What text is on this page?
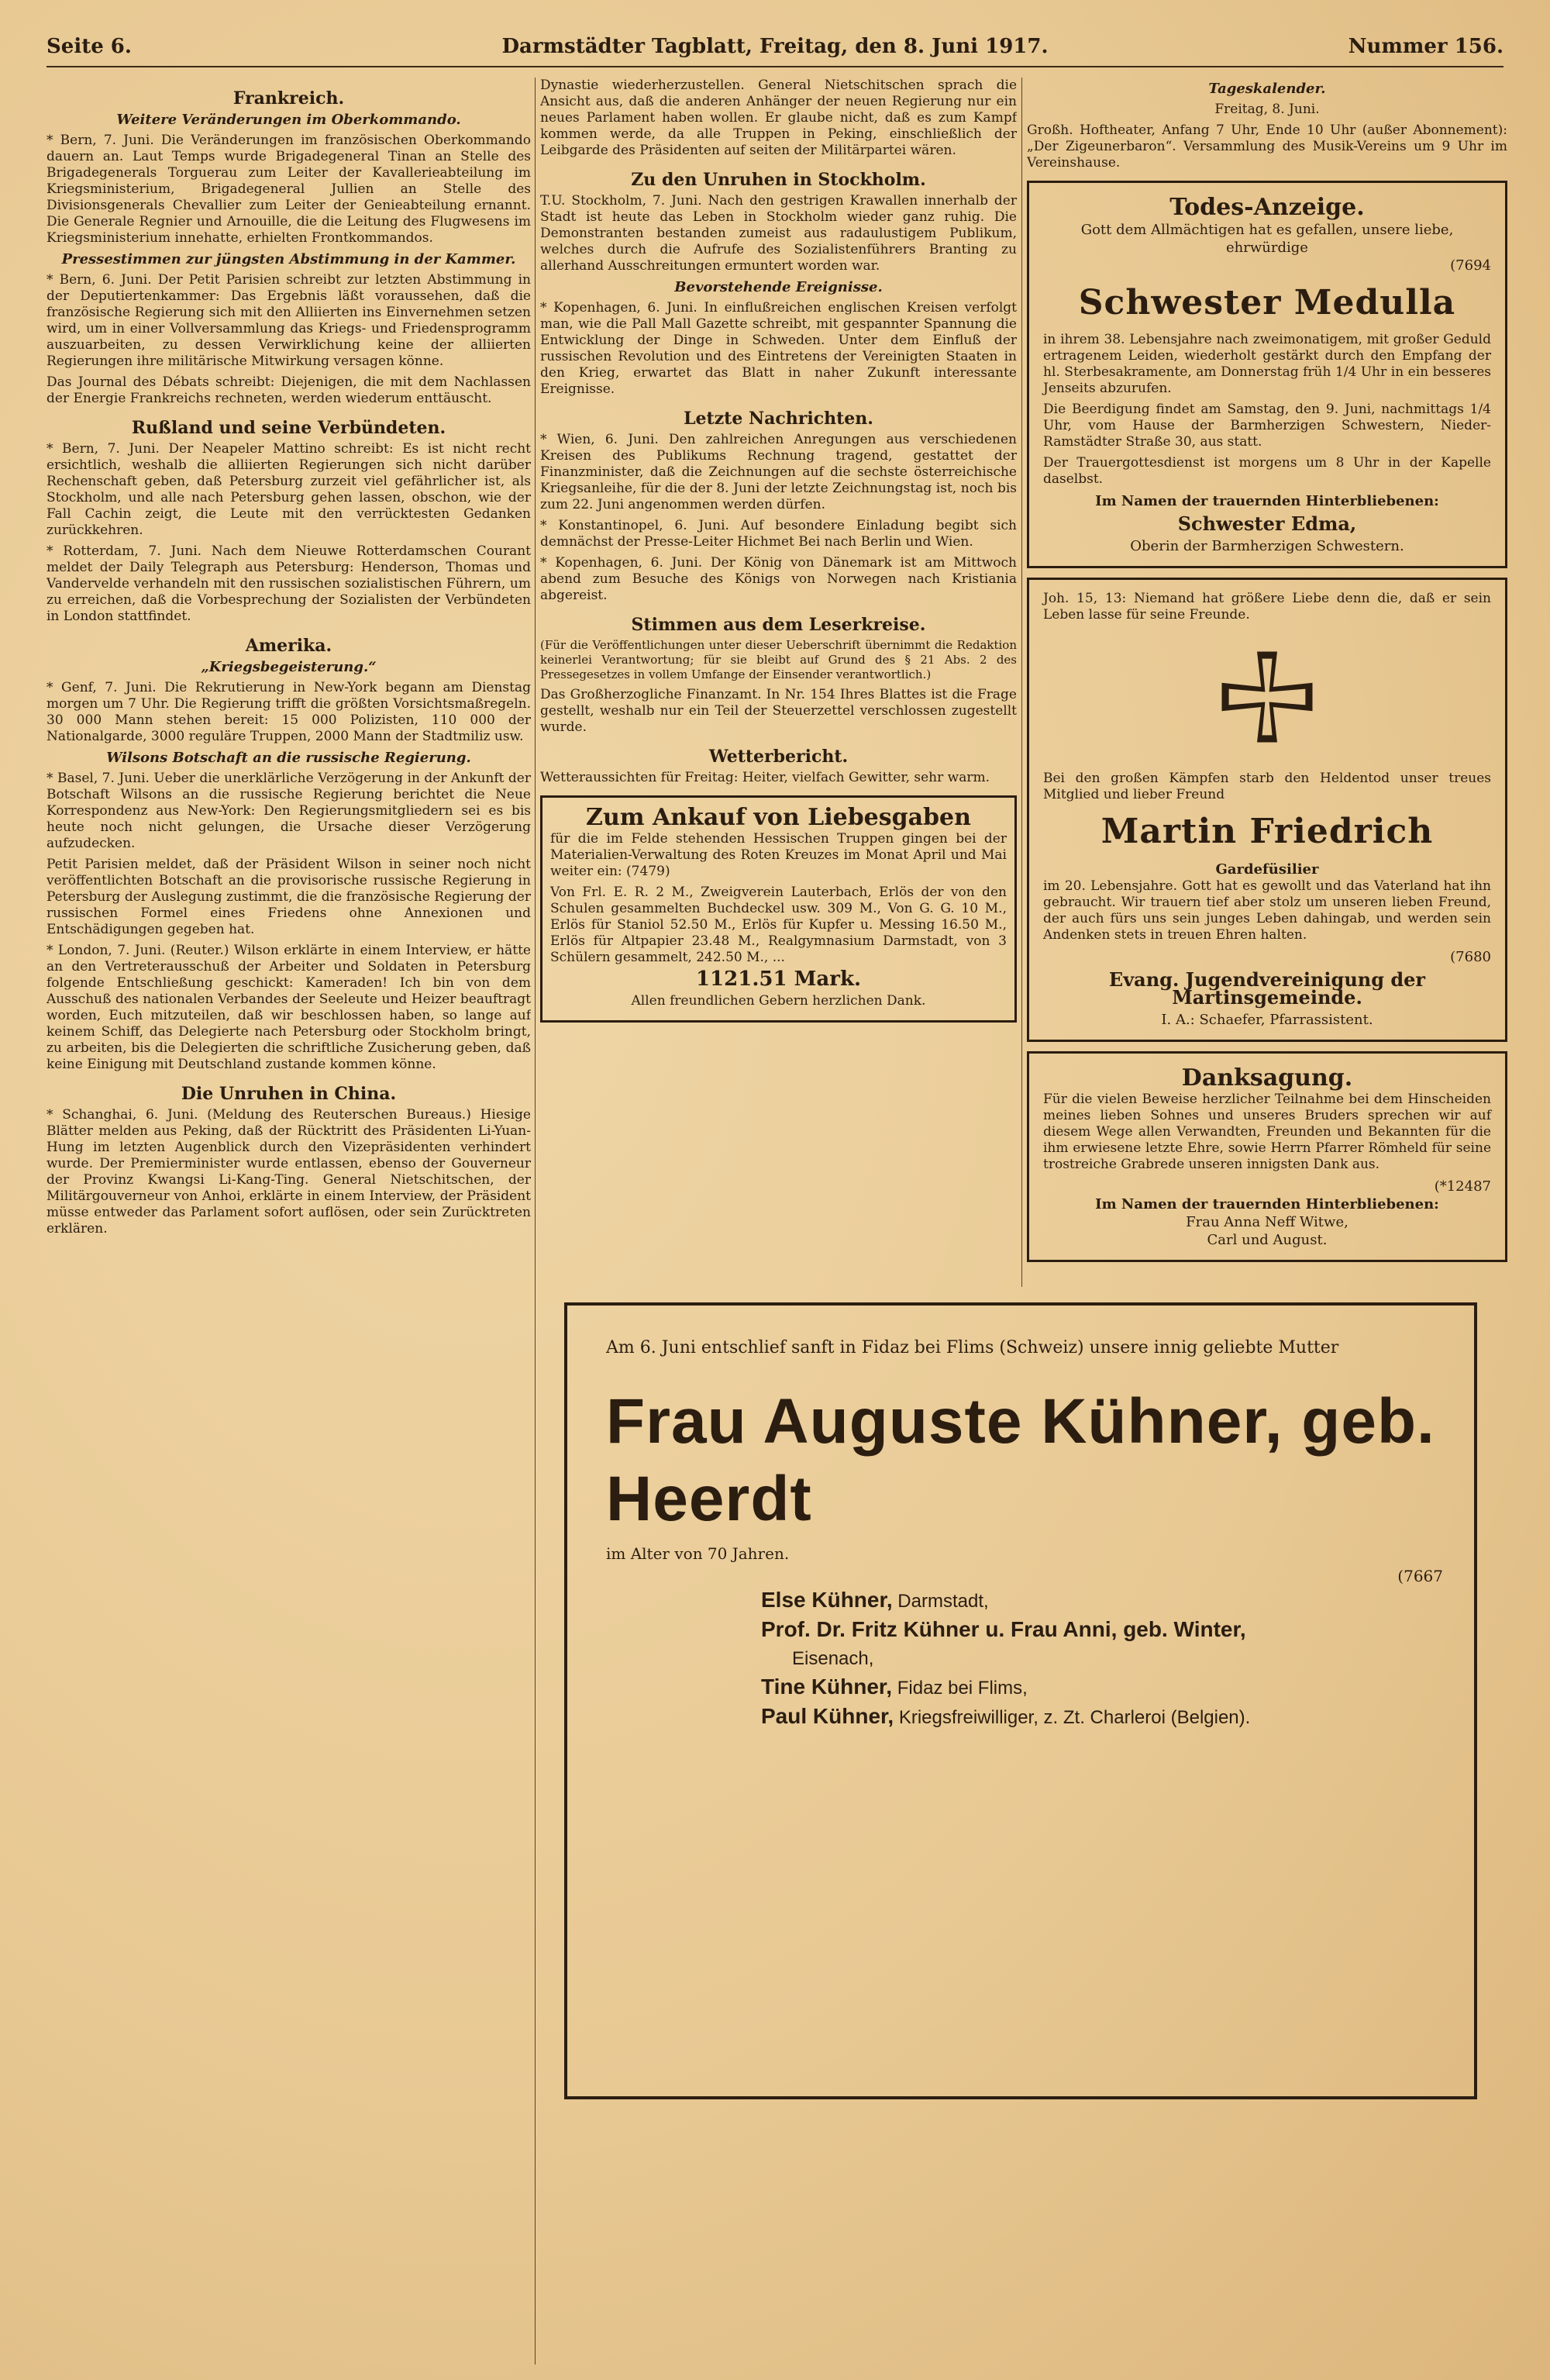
Seite 6.	Darmstädter Tagblatt, Freitag, den 8. Juni 1917.	Nummer 156.
Frankreich.
Weitere Veränderungen im Oberkommando.

* Bern, 7. Juni. Die Veränderungen im französischen Oberkommando dauern an. Laut Temps wurde Brigadegeneral Tinan an Stelle des Brigadegenerals Torguerau zum Leiter der Kavallerieabteilung im Kriegsministerium, Brigadegeneral Jullien an Stelle des Divisionsgenerals Chevallier zum Leiter der Genieabteilung ernannt. Die Generale Regnier und Arnouille, die die Leitung des Flugwesens im Kriegsministerium innehatte, erhielten Frontkommandos.

Pressestimmen zur jüngsten Abstimmung in der Kammer.

* Bern, 6. Juni. Der Petit Parisien schreibt zur letzten Abstimmung in der Deputiertenkammer: Das Ergebnis läßt voraussehen, daß die französische Regierung sich mit den Alliierten ins Einvernehmen setzen wird, um in einer Vollversammlung das Kriegs- und Friedensprogramm auszuarbeiten, zu dessen Verwirklichung keine der alliierten Regierungen ihre militärische Mitwirkung versagen könne.

Das Journal des Débats schreibt: Diejenigen, die mit dem Nachlassen der Energie Frankreichs rechneten, werden wiederum enttäuscht.

Rußland und seine Verbündeten.

* Bern, 7. Juni. Der Neapeler Mattino schreibt: Es ist nicht recht ersichtlich, weshalb die alliierten Regierungen sich nicht darüber Rechenschaft geben, daß Petersburg zurzeit viel gefährlicher ist, als Stockholm, und alle nach Petersburg gehen lassen, obschon, wie der Fall Cachin zeigt, die Leute mit den verrücktesten Gedanken zurückkehren.

* Rotterdam, 7. Juni. Nach dem Nieuwe Rotterdamschen Courant meldet der Daily Telegraph aus Petersburg: Henderson, Thomas und Vandervelde verhandeln mit den russischen sozialistischen Führern, um zu erreichen, daß die Vorbesprechung der Sozialisten der Verbündeten in London stattfindet.

Amerika.
„Kriegsbegeisterung.“

* Genf, 7. Juni. Die Rekrutierung in New-York begann am Dienstag morgen um 7 Uhr. Die Regierung trifft die größten Vorsichtsmaßregeln. 30 000 Mann stehen bereit: 15 000 Polizisten, 110 000 der Nationalgarde, 3000 reguläre Truppen, 2000 Mann der Stadtmiliz usw.

Wilsons Botschaft an die russische Regierung.

* Basel, 7. Juni. Ueber die unerklärliche Verzögerung in der Ankunft der Botschaft Wilsons an die russische Regierung berichtet die Neue Korrespondenz aus New-York: Den Regierungsmitgliedern sei es bis heute noch nicht gelungen, die Ursache dieser Verzögerung aufzudecken.

Petit Parisien meldet, daß der Präsident Wilson in seiner noch nicht veröffentlichten Botschaft an die provisorische russische Regierung in Petersburg der Auslegung zustimmt, die die französische Regierung der russischen Formel eines Friedens ohne Annexionen und Entschädigungen gegeben hat.

* London, 7. Juni. (Reuter.) Wilson erklärte in einem Interview, er hätte an den Vertreterausschuß der Arbeiter und Soldaten in Petersburg folgende Entschließung geschickt: Kameraden! Ich bin von dem Ausschuß des nationalen Verbandes der Seeleute und Heizer beauftragt worden, Euch mitzuteilen, daß wir beschlossen haben, so lange auf keinem Schiff, das Delegierte nach Petersburg oder Stockholm bringt, zu arbeiten, bis die Delegierten die schriftliche Zusicherung geben, daß keine Einigung mit Deutschland zustande kommen könne.

Die Unruhen in China.

* Schanghai, 6. Juni. (Meldung des Reuterschen Bureaus.) Hiesige Blätter melden aus Peking, daß der Rücktritt des Präsidenten Li-Yuan-Hung im letzten Augenblick durch den Vizepräsidenten verhindert wurde. Der Premierminister wurde entlassen, ebenso der Gouverneur der Provinz Kwangsi Li-Kang-Ting. General Nietschitschen, der Militärgouverneur von Anhoi, erklärte in einem Interview, der Präsident müsse entweder das Parlament sofort auflösen, oder sein Zurücktreten erklären.

Dynastie wiederherzustellen. General Nietschitschen sprach die Ansicht aus, daß die anderen Anhänger der neuen Regierung nur ein neues Parlament haben wollen. Er glaube nicht, daß es zum Kampf kommen werde, da alle Truppen in Peking, einschließlich der Leibgarde des Präsidenten auf seiten der Militärpartei wären.

Zu den Unruhen in Stockholm.

T.U. Stockholm, 7. Juni. Nach den gestrigen Krawallen innerhalb der Stadt ist heute das Leben in Stockholm wieder ganz ruhig. Die Demonstranten bestanden zumeist aus radaulustigem Publikum, welches durch die Aufrufe des Sozialistenführers Branting zu allerhand Ausschreitungen ermuntert worden war.

Bevorstehende Ereignisse.

* Kopenhagen, 6. Juni. In einflußreichen englischen Kreisen verfolgt man, wie die Pall Mall Gazette schreibt, mit gespannter Spannung die Entwicklung der Dinge in Schweden. Unter dem Einfluß der russischen Revolution und des Eintretens der Vereinigten Staaten in den Krieg, erwartet das Blatt in naher Zukunft interessante Ereignisse.

Letzte Nachrichten.

* Wien, 6. Juni. Den zahlreichen Anregungen aus verschiedenen Kreisen des Publikums Rechnung tragend, gestattet der Finanzminister, daß die Zeichnungen auf die sechste österreichische Kriegsanleihe, für die der 8. Juni der letzte Zeichnungstag ist, noch bis zum 22. Juni angenommen werden dürfen.

* Konstantinopel, 6. Juni. Auf besondere Einladung begibt sich demnächst der Presse-Leiter Hichmet Bei nach Berlin und Wien.

* Kopenhagen, 6. Juni. Der König von Dänemark ist am Mittwoch abend zum Besuche des Königs von Norwegen nach Kristiania abgereist.

Stimmen aus dem Leserkreise.

(Für die Veröffentlichungen unter dieser Ueberschrift übernimmt die Redaktion keinerlei Verantwortung; für sie bleibt auf Grund des § 21 Abs. 2 des Pressegesetzes in vollem Umfange der Einsender verantwortlich.)

Das Großherzogliche Finanzamt. In Nr. 154 Ihres Blattes ist die Frage gestellt, weshalb nur ein Teil der Steuerzettel verschlossen zugestellt wurde.

Wetterbericht.

Wetteraussichten für Freitag: Heiter, vielfach Gewitter, sehr warm.

Zum Ankauf von Liebesgaben

für die im Felde stehenden Hessischen Truppen gingen bei der Materialien-Verwaltung des Roten Kreuzes im Monat April und Mai weiter ein: (7479)

Von Frl. E. R. 2 M., Zweigverein Lauterbach, Erlös der von den Schulen gesammelten Buchdeckel usw. 309 M., Von G. G. 10 M., Erlös für Staniol 52.50 M., Erlös für Kupfer u. Messing 16.50 M., Erlös für Altpapier 23.48 M., Realgymnasium Darmstadt, von 3 Schülern gesammelt, 242.50 M., ...

1121.51 Mark.

Allen freundlichen Gebern herzlichen Dank.

Tageskalender.

Freitag, 8. Juni.

Großh. Hoftheater, Anfang 7 Uhr, Ende 10 Uhr (außer Abonnement): „Der Zigeunerbaron“. Versammlung des Musik-Vereins um 9 Uhr im Vereinshause.

Todes-Anzeige.
Gott dem Allmächtigen hat es gefallen, unsere liebe, ehrwürdige
(7694
Schwester Medulla

in ihrem 38. Lebensjahre nach zweimonatigem, mit großer Geduld ertragenem Leiden, wiederholt gestärkt durch den Empfang der hl. Sterbesakramente, am Donnerstag früh 1/4 Uhr in ein besseres Jenseits abzurufen.

Die Beerdigung findet am Samstag, den 9. Juni, nachmittags 1/4 Uhr, vom Hause der Barmherzigen Schwestern, Nieder-Ramstädter Straße 30, aus statt.

Der Trauergottesdienst ist morgens um 8 Uhr in der Kapelle daselbst.

Im Namen der trauernden Hinterbliebenen:
Schwester Edma,
Oberin der Barmherzigen Schwestern.

Joh. 15, 13: Niemand hat größere Liebe denn die, daß er sein Leben lasse für seine Freunde.

Bei den großen Kämpfen starb den Heldentod unser treues Mitglied und lieber Freund

Martin Friedrich
Gardefüsilier

im 20. Lebensjahre. Gott hat es gewollt und das Vaterland hat ihn gebraucht. Wir trauern tief aber stolz um unseren lieben Freund, der auch fürs uns sein junges Leben dahingab, und werden sein Andenken stets in treuen Ehren halten.

(7680
Evang. Jugendvereinigung der Martinsgemeinde.
I. A.: Schaefer, Pfarrassistent.
Danksagung.

Für die vielen Beweise herzlicher Teilnahme bei dem Hinscheiden meines lieben Sohnes und unseres Bruders sprechen wir auf diesem Wege allen Verwandten, Freunden und Bekannten für die ihm erwiesene letzte Ehre, sowie Herrn Pfarrer Römheld für seine trostreiche Grabrede unseren innigsten Dank aus.

(*12487
Im Namen der trauernden Hinterbliebenen:
Frau Anna Neff Witwe,
Carl und August.

Am 6. Juni entschlief sanft in Fidaz bei Flims (Schweiz) unsere innig geliebte Mutter

Frau Auguste Kühner, geb. Heerdt

im Alter von 70 Jahren.

(7667
Else Kühner, Darmstadt,
Prof. Dr. Fritz Kühner u. Frau Anni, geb. Winter,
Eisenach,
Tine Kühner, Fidaz bei Flims,
Paul Kühner, Kriegsfreiwilliger, z. Zt. Charleroi (Belgien).
